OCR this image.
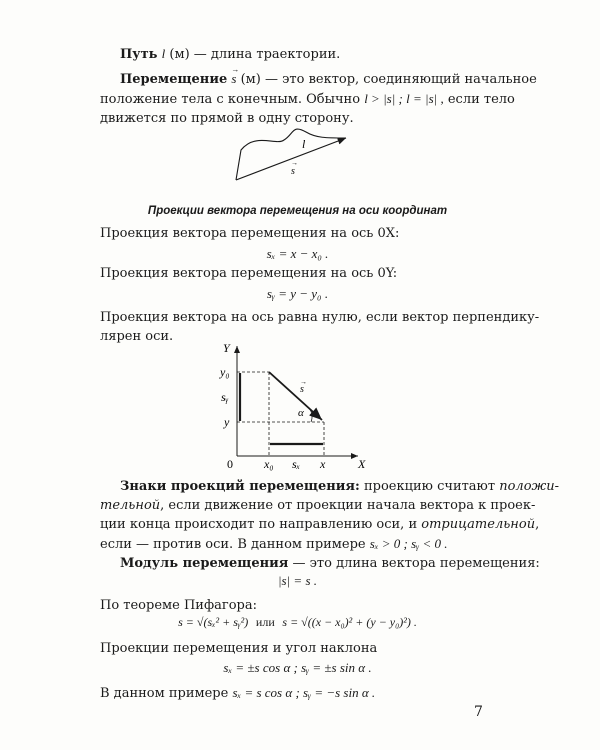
Путь l (м) — длина траектории.
Перемещение → s (м) — это вектор, соединяющий начальное
положение тела с конечным. Обычно l > |s| ; l = |s| , если тело
движется по прямой в одну сторону.
l
s
→
Проекции вектора перемещения на оси координат
Проекция вектора перемещения на ось 0X:
sₓ = x − x₀ .
Проекция вектора перемещения на ось 0Y:
sᵧ = y − y₀ .
Проекция вектора на ось равна нулю, если вектор перпендику-
лярен оси.
Y
X
0
y₀
sᵧ
y
x₀ sₓ x
s
→
α
Знаки проекций перемещения: проекцию считают положи-
тельной, если движение от проекции начала вектора к проек-
ции конца происходит по направлению оси, и отрицательной,
если — против оси. В данном примере sₓ > 0 ; sᵧ < 0 .
Модуль перемещения — это длина вектора перемещения:
|s| = s .
По теореме Пифагора:
s = √(sₓ² + sᵧ²) или s = √((x − x₀)² + (y − y₀)²) .
Проекции перемещения и угол наклона
sₓ = ±s cos α ; sᵧ = ±s sin α .
В данном примере sₓ = s cos α ; sᵧ = −s sin α .
7
